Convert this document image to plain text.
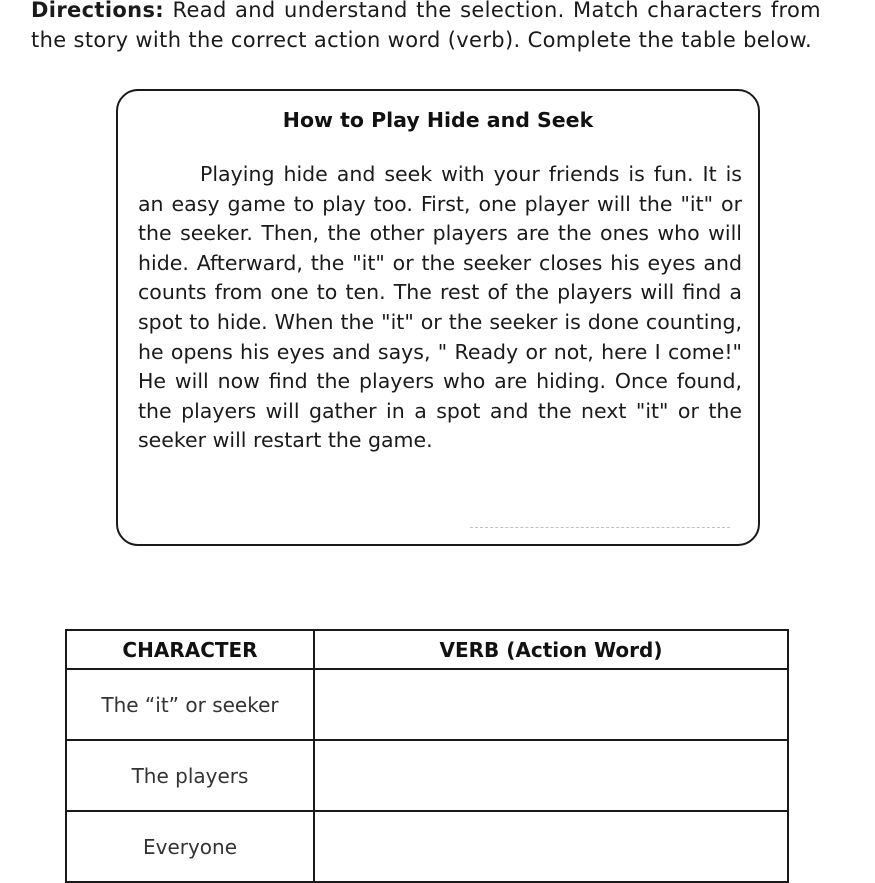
Directions: Read and understand the selection. Match characters from the story with the correct action word (verb). Complete the table below.
How to Play Hide and Seek

Playing hide and seek with your friends is fun. It is an easy game to play too. First, one player will the "it" or the seeker. Then, the other players are the ones who will hide. Afterward, the "it" or the seeker closes his eyes and counts from one to ten. The rest of the players will find a spot to hide. When the "it" or the seeker is done counting, he opens his eyes and says, " Ready or not, here I come!" He will now find the players who are hiding. Once found, the players will gather in a spot and the next "it" or the seeker will restart the game.

CHARACTER	VERB (Action Word)
The “it” or seeker	
The players	
Everyone	
